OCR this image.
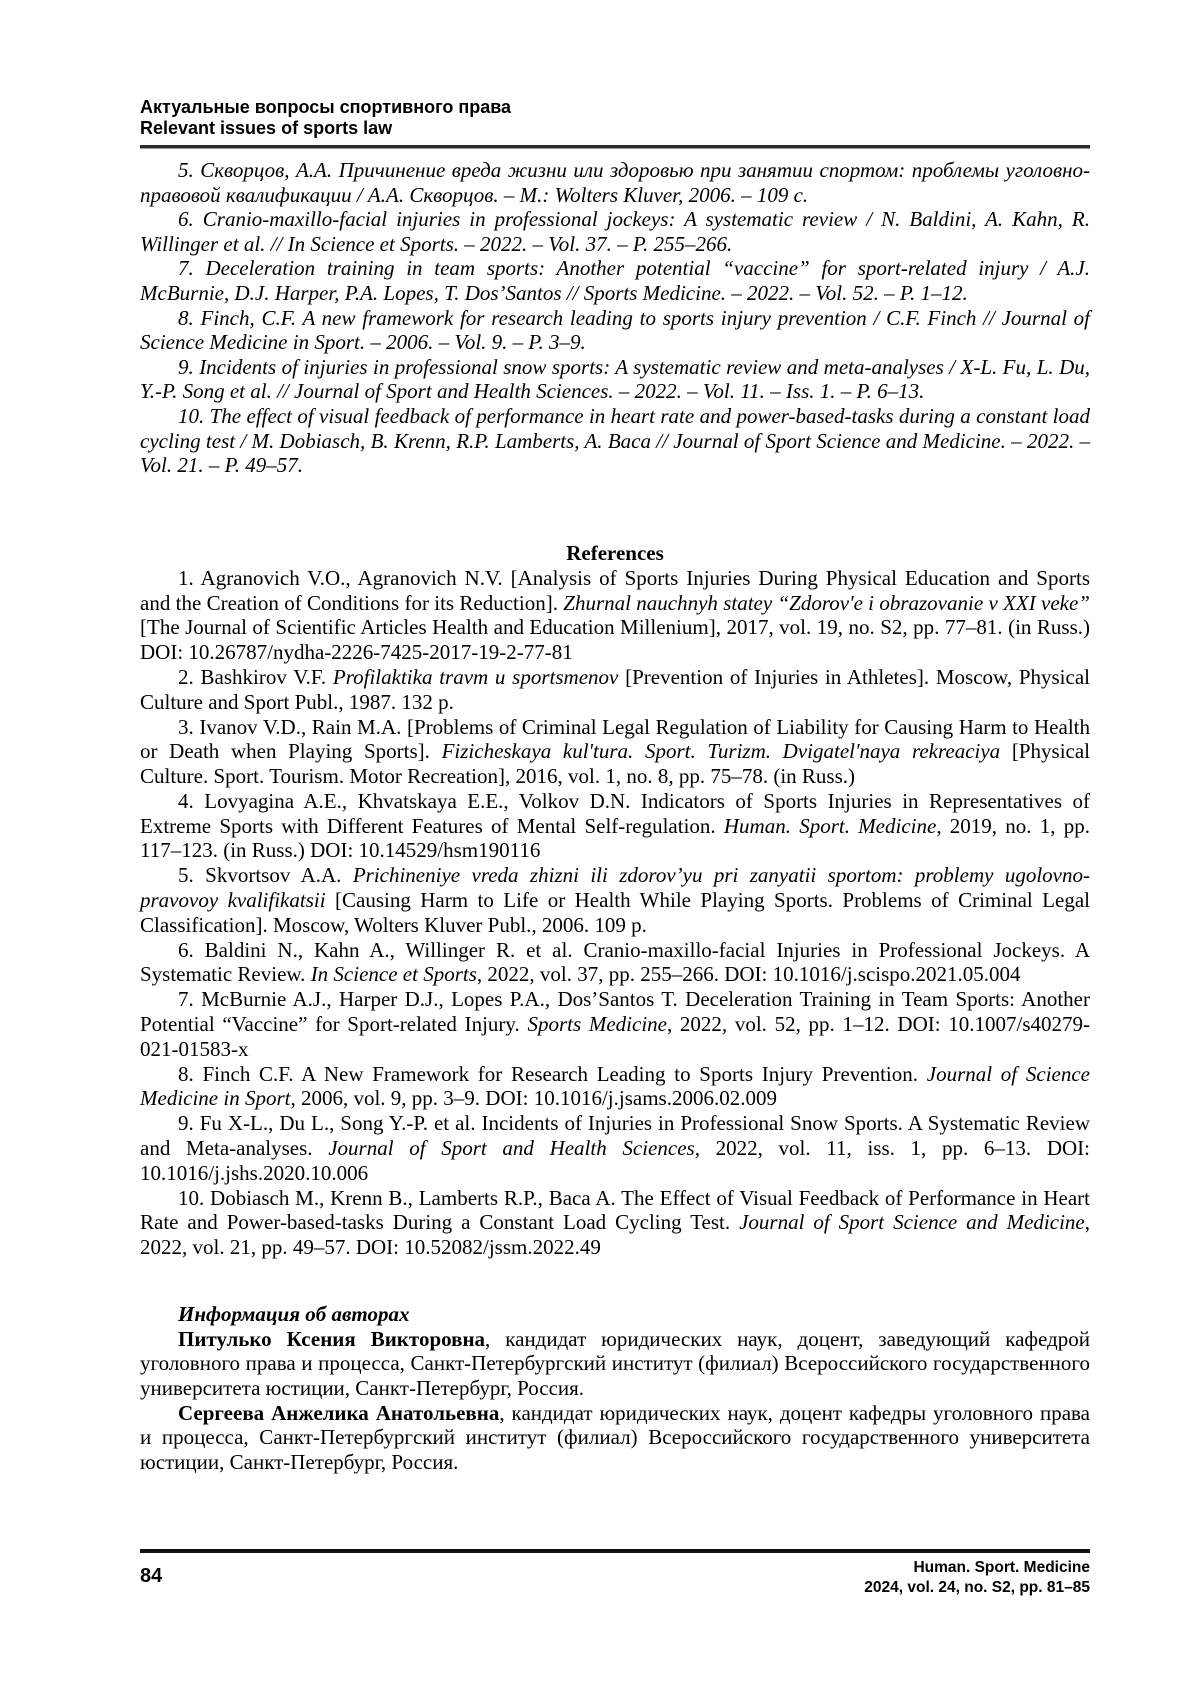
Актуальные вопросы спортивного права
Relevant issues of sports law

5. Скворцов, А.А. Причинение вреда жизни или здоровью при занятии спортом: проблемы уголовно-правовой квалификации / А.А. Скворцов. – М.: Wolters Kluver, 2006. – 109 с.

6. Cranio-maxillo-facial injuries in professional jockeys: A systematic review / N. Baldini, A. Kahn, R. Willinger et al. // In Science et Sports. – 2022. – Vol. 37. – P. 255–266.

7. Deceleration training in team sports: Another potential “vaccine” for sport-related injury / A.J. McBurnie, D.J. Harper, P.A. Lopes, T. Dos’Santos // Sports Medicine. – 2022. – Vol. 52. – P. 1–12.

8. Finch, C.F. A new framework for research leading to sports injury prevention / C.F. Finch // Journal of Science Medicine in Sport. – 2006. – Vol. 9. – P. 3–9.

9. Incidents of injuries in professional snow sports: A systematic review and meta-analyses / X-L. Fu, L. Du, Y.-P. Song et al. // Journal of Sport and Health Sciences. – 2022. – Vol. 11. – Iss. 1. – P. 6–13.

10. The effect of visual feedback of performance in heart rate and power-based-tasks during a constant load cycling test / M. Dobiasch, B. Krenn, R.P. Lamberts, A. Baca // Journal of Sport Science and Medicine. – 2022. – Vol. 21. – P. 49–57.

References

1. Agranovich V.O., Agranovich N.V. [Analysis of Sports Injuries During Physical Education and Sports and the Creation of Conditions for its Reduction]. Zhurnal nauchnyh statey “Zdorov'e i obrazovanie v XXI veke” [The Journal of Scientific Articles Health and Education Millenium], 2017, vol. 19, no. S2, pp. 77–81. (in Russ.) DOI: 10.26787/nydha-2226-7425-2017-19-2-77-81

2. Bashkirov V.F. Profilaktika travm u sportsmenov [Prevention of Injuries in Athletes]. Moscow, Physical Culture and Sport Publ., 1987. 132 p.

3. Ivanov V.D., Rain M.A. [Problems of Criminal Legal Regulation of Liability for Causing Harm to Health or Death when Playing Sports]. Fizicheskaya kul'tura. Sport. Turizm. Dvigatel'naya rekreaciya [Physical Culture. Sport. Tourism. Motor Recreation], 2016, vol. 1, no. 8, pp. 75–78. (in Russ.)

4. Lovyagina A.E., Khvatskaya E.E., Volkov D.N. Indicators of Sports Injuries in Representatives of Extreme Sports with Different Features of Mental Self-regulation. Human. Sport. Medicine, 2019, no. 1, pp. 117–123. (in Russ.) DOI: 10.14529/hsm190116

5. Skvortsov A.A. Prichineniye vreda zhizni ili zdorov’yu pri zanyatii sportom: problemy ugolovno-pravovoy kvalifikatsii [Causing Harm to Life or Health While Playing Sports. Problems of Criminal Legal Classification]. Moscow, Wolters Kluver Publ., 2006. 109 p.

6. Baldini N., Kahn A., Willinger R. et al. Cranio-maxillo-facial Injuries in Professional Jockeys. A Systematic Review. In Science et Sports, 2022, vol. 37, pp. 255–266. DOI: 10.1016/j.scispo.2021.05.004

7. McBurnie A.J., Harper D.J., Lopes P.A., Dos’Santos T. Deceleration Training in Team Sports: Another Potential “Vaccine” for Sport-related Injury. Sports Medicine, 2022, vol. 52, pp. 1–12. DOI: 10.1007/s40279-021-01583-x

8. Finch C.F. A New Framework for Research Leading to Sports Injury Prevention. Journal of Science Medicine in Sport, 2006, vol. 9, pp. 3–9. DOI: 10.1016/j.jsams.2006.02.009

9. Fu X-L., Du L., Song Y.-P. et al. Incidents of Injuries in Professional Snow Sports. A Systematic Review and Meta-analyses. Journal of Sport and Health Sciences, 2022, vol. 11, iss. 1, pp. 6–13. DOI: 10.1016/j.jshs.2020.10.006

10. Dobiasch M., Krenn B., Lamberts R.P., Baca A. The Effect of Visual Feedback of Performance in Heart Rate and Power-based-tasks During a Constant Load Cycling Test. Journal of Sport Science and Medicine, 2022, vol. 21, pp. 49–57. DOI: 10.52082/jssm.2022.49

Информация об авторах

Питулько Ксения Викторовна, кандидат юридических наук, доцент, заведующий кафедрой уголовного права и процесса, Санкт-Петербургский институт (филиал) Всероссийского государственного университета юстиции, Санкт-Петербург, Россия.

Сергеева Анжелика Анатольевна, кандидат юридических наук, доцент кафедры уголовного права и процесса, Санкт-Петербургский институт (филиал) Всероссийского государственного университета юстиции, Санкт-Петербург, Россия.

84	Human. Sport. Medicine
2024, vol. 24, no. S2, pp. 81–85
